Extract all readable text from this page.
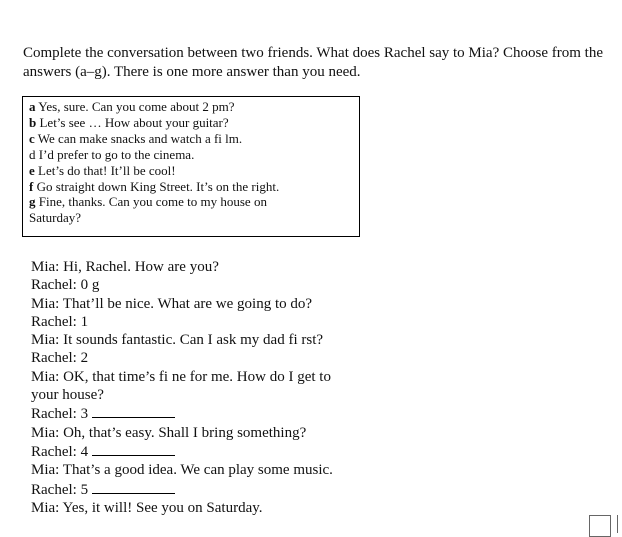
Complete the conversation between two friends. What does Rachel say to Mia? Choose from the answers (a–g). There is one more answer than you need.

a Yes, sure. Can you come about 2 pm?
b Let’s see … How about your guitar?
c We can make snacks and watch a fi lm.
d I’d prefer to go to the cinema.
e Let’s do that! It’ll be cool!
f Go straight down King Street. It’s on the right.
g Fine, thanks. Can you come to my house on
Saturday?
Mia: Hi, Rachel. How are you?
Rachel: 0 g
Mia: That’ll be nice. What are we going to do?
Rachel: 1
Mia: It sounds fantastic. Can I ask my dad fi rst?
Rachel: 2
Mia: OK, that time’s fi ne for me. How do I get to
your house?
Rachel: 3
Mia: Oh, that’s easy. Shall I bring something?
Rachel: 4
Mia: That’s a good idea. We can play some music.
Rachel: 5
Mia: Yes, it will! See you on Saturday.
